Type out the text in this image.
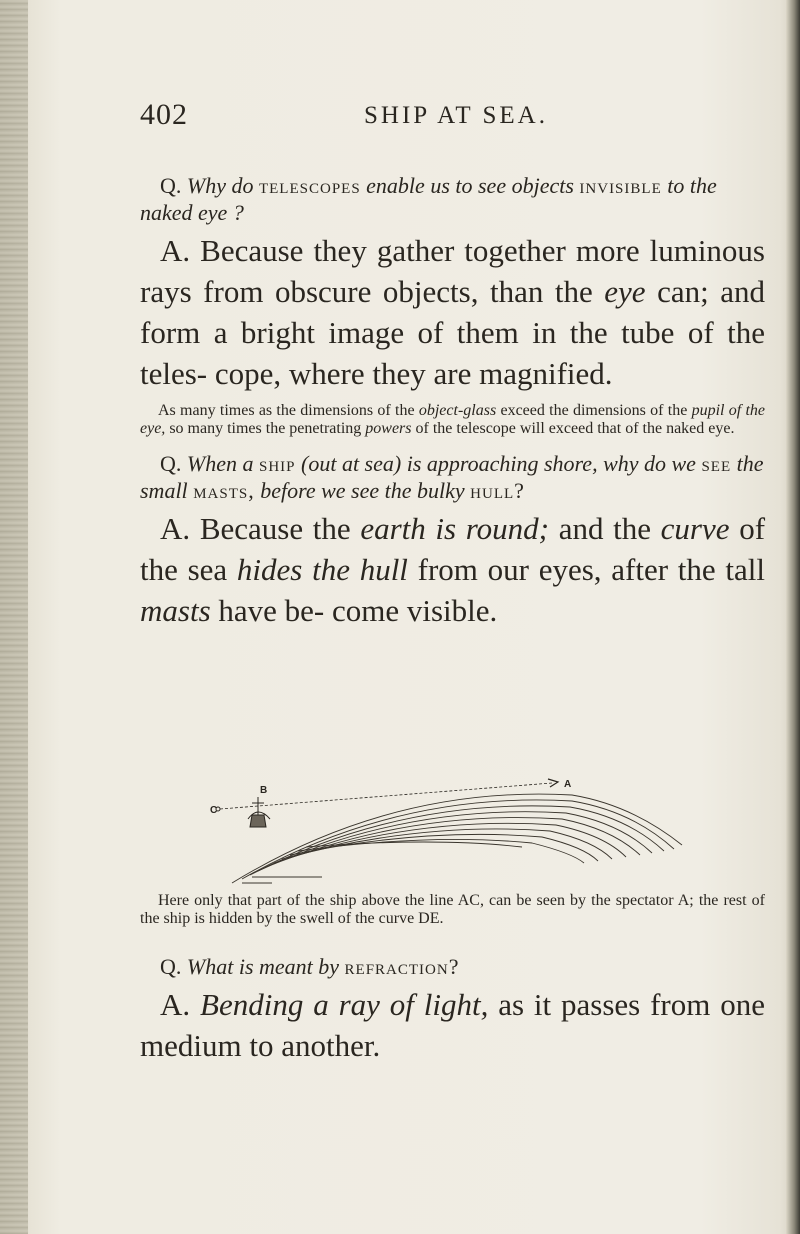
402	SHIP AT SEA.

Q. Why do telescopes enable us to see objects invisible to the naked eye ?

A. Because they gather together more luminous rays from obscure objects, than the eye can; and form a bright image of them in the tube of the teles- cope, where they are magnified.

As many times as the dimensions of the object-glass exceed the dimensions of the pupil of the eye, so many times the penetrating powers of the telescope will exceed that of the naked eye.

Q. When a ship (out at sea) is approaching shore, why do we see the small masts, before we see the bulky hull?

A. Because the earth is round; and the curve of the sea hides the hull from our eyes, after the tall masts have be- come visible.

C
B
A

Here only that part of the ship above the line AC, can be seen by the spectator A; the rest of the ship is hidden by the swell of the curve DE.

Q. What is meant by refraction?

A. Bending a ray of light, as it passes from one medium to another.
